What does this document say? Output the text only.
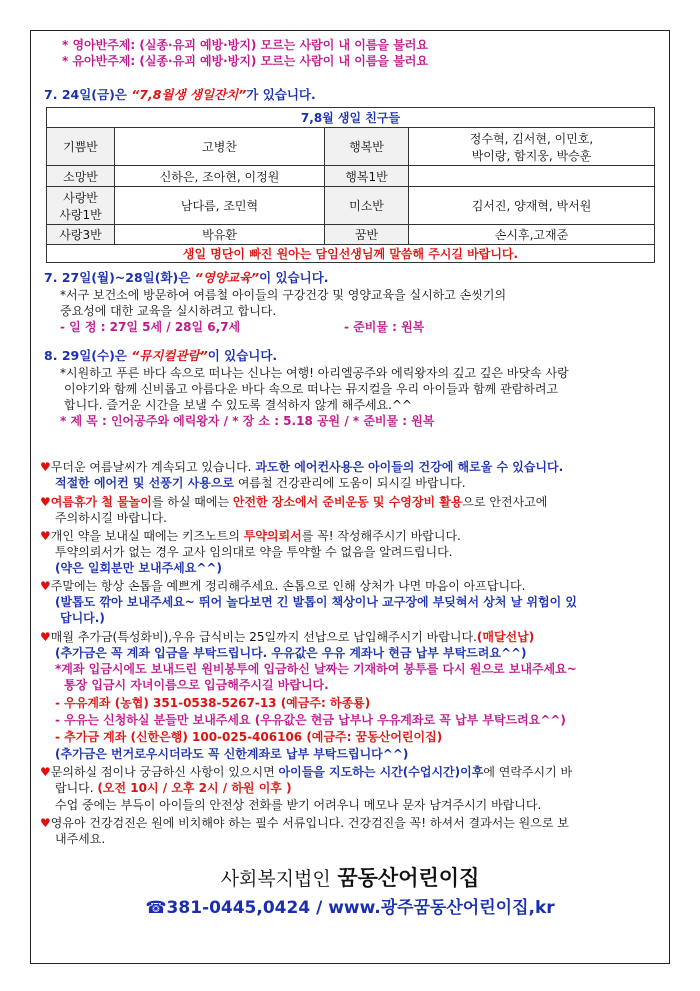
* 영아반주제: (실종·유괴 예방·방지) 모르는 사람이 내 이름을 불러요
* 유아반주제: (실종·유괴 예방·방지) 모르는 사람이 내 이름을 불러요
7. 24일(금)은 “7,8월생 생일잔치”가 있습니다.
7,8월 생일 친구들			
기쁨반	고병찬	행복반	정수혁, 김서현, 이민호,
박이랑, 함지웅, 박승훈

소망반	신하은, 조아현, 이정원	행복1반	

사랑반
사랑1반	남다름, 조민혁	미소반	김서진, 양재혁, 박서원
사랑3반	박유환	꿈반	손시후,고재준
생일 명단이 빠진 원아는 담임선생님께 말씀해 주시길 바랍니다.			
7. 27일(월)~28일(화)은 “영양교육”이 있습니다.
*서구 보건소에 방문하여 여름철 아이들의 구강건강 및 영양교육을 실시하고 손씻기의
중요성에 대한 교육을 실시하려고 합니다.
- 일 정 : 27일 5세 / 28일 6,7세	- 준비물 : 원복
8. 29일(수)은 “뮤지컬관람”이 있습니다.
*시원하고 푸른 바다 속으로 떠나는 신나는 여행! 아리엘공주와 에릭왕자의 깊고 깊은 바닷속 사랑
이야기와 함께 신비롭고 아름다운 바다 속으로 떠나는 뮤지컬을 우리 아이들과 함께 관람하려고
합니다. 즐거운 시간을 보낼 수 있도록 결석하지 않게 해주세요.^^
* 제 목 : 인어공주와 에릭왕자 / * 장 소 : 5.18 공원 / * 준비물 : 원복
♥무더운 여름날씨가 계속되고 있습니다. 과도한 에어컨사용은 아이들의 건강에 해로울 수 있습니다.
적절한 에어컨 및 선풍기 사용으로 여름철 건강관리에 도움이 되시길 바랍니다.
♥여름휴가 철 물놀이를 하실 때에는 안전한 장소에서 준비운동 및 수영장비 활용으로 안전사고에
주의하시길 바랍니다.
♥개인 약을 보내실 때에는 키즈노트의 투약의뢰서를 꼭! 작성해주시기 바랍니다.
투약의뢰서가 없는 경우 교사 임의대로 약을 투약할 수 없음을 알려드립니다.
(약은 일회분만 보내주세요^^)
♥주말에는 항상 손톱을 예쁘게 정리해주세요. 손톱으로 인해 상처가 나면 마음이 아프답니다.
(발톱도 깎아 보내주세요~ 뛰어 놀다보면 긴 발톱이 책상이나 교구장에 부딪혀서 상처 날 위험이 있
답니다.)
♥매월 추가금(특성화비),우유 급식비는 25일까지 선납으로 납입해주시기 바랍니다.(매달선납)
(추가금은 꼭 계좌 입금을 부탁드립니다. 우유값은 우유 계좌나 현금 납부 부탁드려요^^)
*계좌 입금시에도 보내드린 원비봉투에 입금하신 날짜는 기재하여 봉투를 다시 원으로 보내주세요~
통장 입금시 자녀이름으로 입금해주시길 바랍니다.
- 우유계좌 (농협) 351-0538-5267-13 (예금주: 하종룡)
- 우유는 신청하실 분들만 보내주세요 (우유값은 현금 납부나 우유계좌로 꼭 납부 부탁드려요^^)
- 추가금 계좌 (신한은행) 100-025-406106 (예금주: 꿈동산어린이집)
(추가금은 번거로우시더라도 꼭 신한계좌로 납부 부탁드립니다^^)
♥문의하실 점이나 궁금하신 사항이 있으시면 아이들을 지도하는 시간(수업시간)이후에 연락주시기 바
랍니다. (오전 10시 / 오후 2시 / 하원 이후 )
수업 중에는 부득이 아이들의 안전상 전화를 받기 어려우니 메모나 문자 남겨주시기 바랍니다.
♥영유아 건강검진은 원에 비치해야 하는 필수 서류입니다. 건강검진을 꼭! 하셔서 결과서는 원으로 보
내주세요.
사회복지법인 꿈동산어린이집
☎381-0445,0424 / www.광주꿈동산어린이집,kr
